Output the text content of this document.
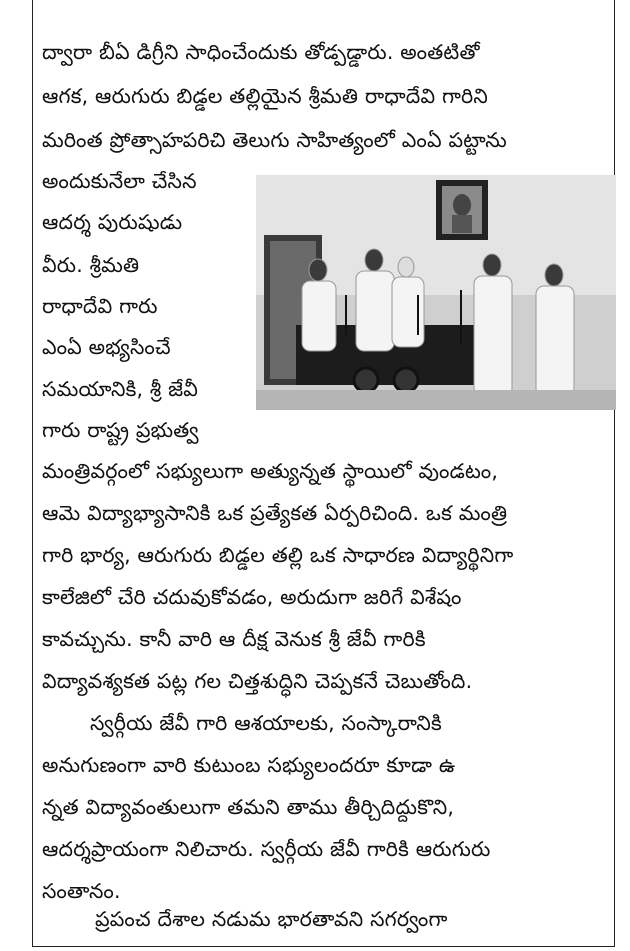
ద్వారా బీఏ డిగ్రీని సాధించేందుకు తోడ్పడ్డారు. అంతటితో
ఆగక, ఆరుగురు బిడ్డల తల్లియైన శ్రీమతి రాధాదేవి గారిని
మరింత ప్రోత్సాహపరిచి తెలుగు సాహిత్యంలో ఎంఏ పట్టాను
అందుకునేలా చేసిన
ఆదర్శ పురుషుడు
వీరు. శ్రీమతి
రాధాదేవి గారు
ఎంఏ అభ్యసించే
సమయానికి, శ్రీ జేవీ
గారు రాష్ట్ర ప్రభుత్వ
మంత్రివర్గంలో సభ్యులుగా అత్యున్నత స్థాయిలో వుండటం,
ఆమె విద్యాభ్యాసానికి ఒక ప్రత్యేకత ఏర్పరిచింది. ఒక మంత్రి
గారి భార్య, ఆరుగురు బిడ్డల తల్లి ఒక సాధారణ విద్యార్థినిగా
కాలేజిలో చేరి చదువుకోవడం, అరుదుగా జరిగే విశేషం
కావచ్చును. కానీ వారి ఆ దీక్ష వెనుక శ్రీ జేవీ గారికి
విద్యావశ్యకత పట్ల గల చిత్తశుద్ధిని చెప్పకనే చెబుతోంది.
స్వర్గీయ జేవీ గారి ఆశయాలకు, సంస్కారానికి
అనుగుణంగా వారి కుటుంబ సభ్యులందరూ కూడా ఉ
న్నత విద్యావంతులుగా తమని తాము తీర్చిదిద్దుకొని,
ఆదర్శప్రాయంగా నిలిచారు. స్వర్గీయ జేవీ గారికి ఆరుగురు
సంతానం.
ప్రపంచ దేశాల నడుమ భారతావని సగర్వంగా
